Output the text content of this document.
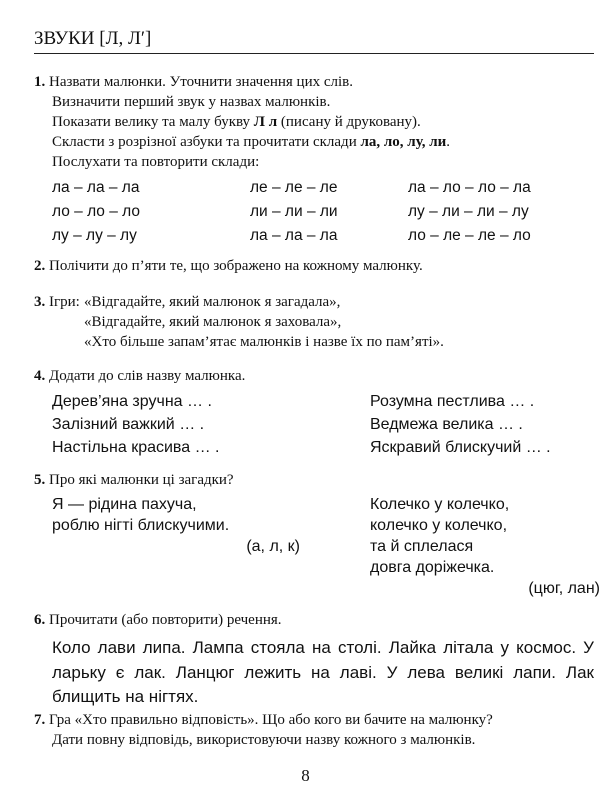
ЗВУКИ [Л, Л′]
1. Назвати малюнки. Уточнити значення цих слів.
Визначити перший звук у назвах малюнків.
Показати велику та малу букву Л л (писану й друковану).
Скласти з розрізної азбуки та прочитати склади ла, ло, лу, ли.
Послухати та повторити склади:
ла – ла – ла	ле – ле – ле	ла – ло – ло – ла
ло – ло – ло	ли – ли – ли	лу – ли – ли – лу
лу – лу – лу	ла – ла – ла	ло – ле – ле – ло
2. Полічити до п’яти те, що зображено на кожному малюнку.
3. Ігри: «Відгадайте, який малюнок я загадала»,
«Відгадайте, який малюнок я заховала»,
«Хто більше запам’ятає малюнків і назве їх по пам’яті».
4. Додати до слів назву малюнка.
Дерев’яна зручна … .	Розумна пестлива … .
Залізний важкий … .	Ведмежа велика … .
Настільна красива … .	Яскравий блискучий … .
5. Про які малюнки ці загадки?
Я — рідина пахуча,
роблю нігті блискучими.
(а, л, к)
Колечко у колечко,
колечко у колечко,
та й сплелася
довга доріжечка.
(цюг, лан)
6. Прочитати (або повторити) речення.
Коло лави липа. Лампа стояла на столі. Лайка літала у космос. У ларьку є лак. Ланцюг лежить на лаві. У лева великі лапи. Лак блищить на нігтях.
7. Гра «Хто правильно відповість». Що або кого ви бачите на малюнку?
Дати повну відповідь, використовуючи назву кожного з малюнків.
8
